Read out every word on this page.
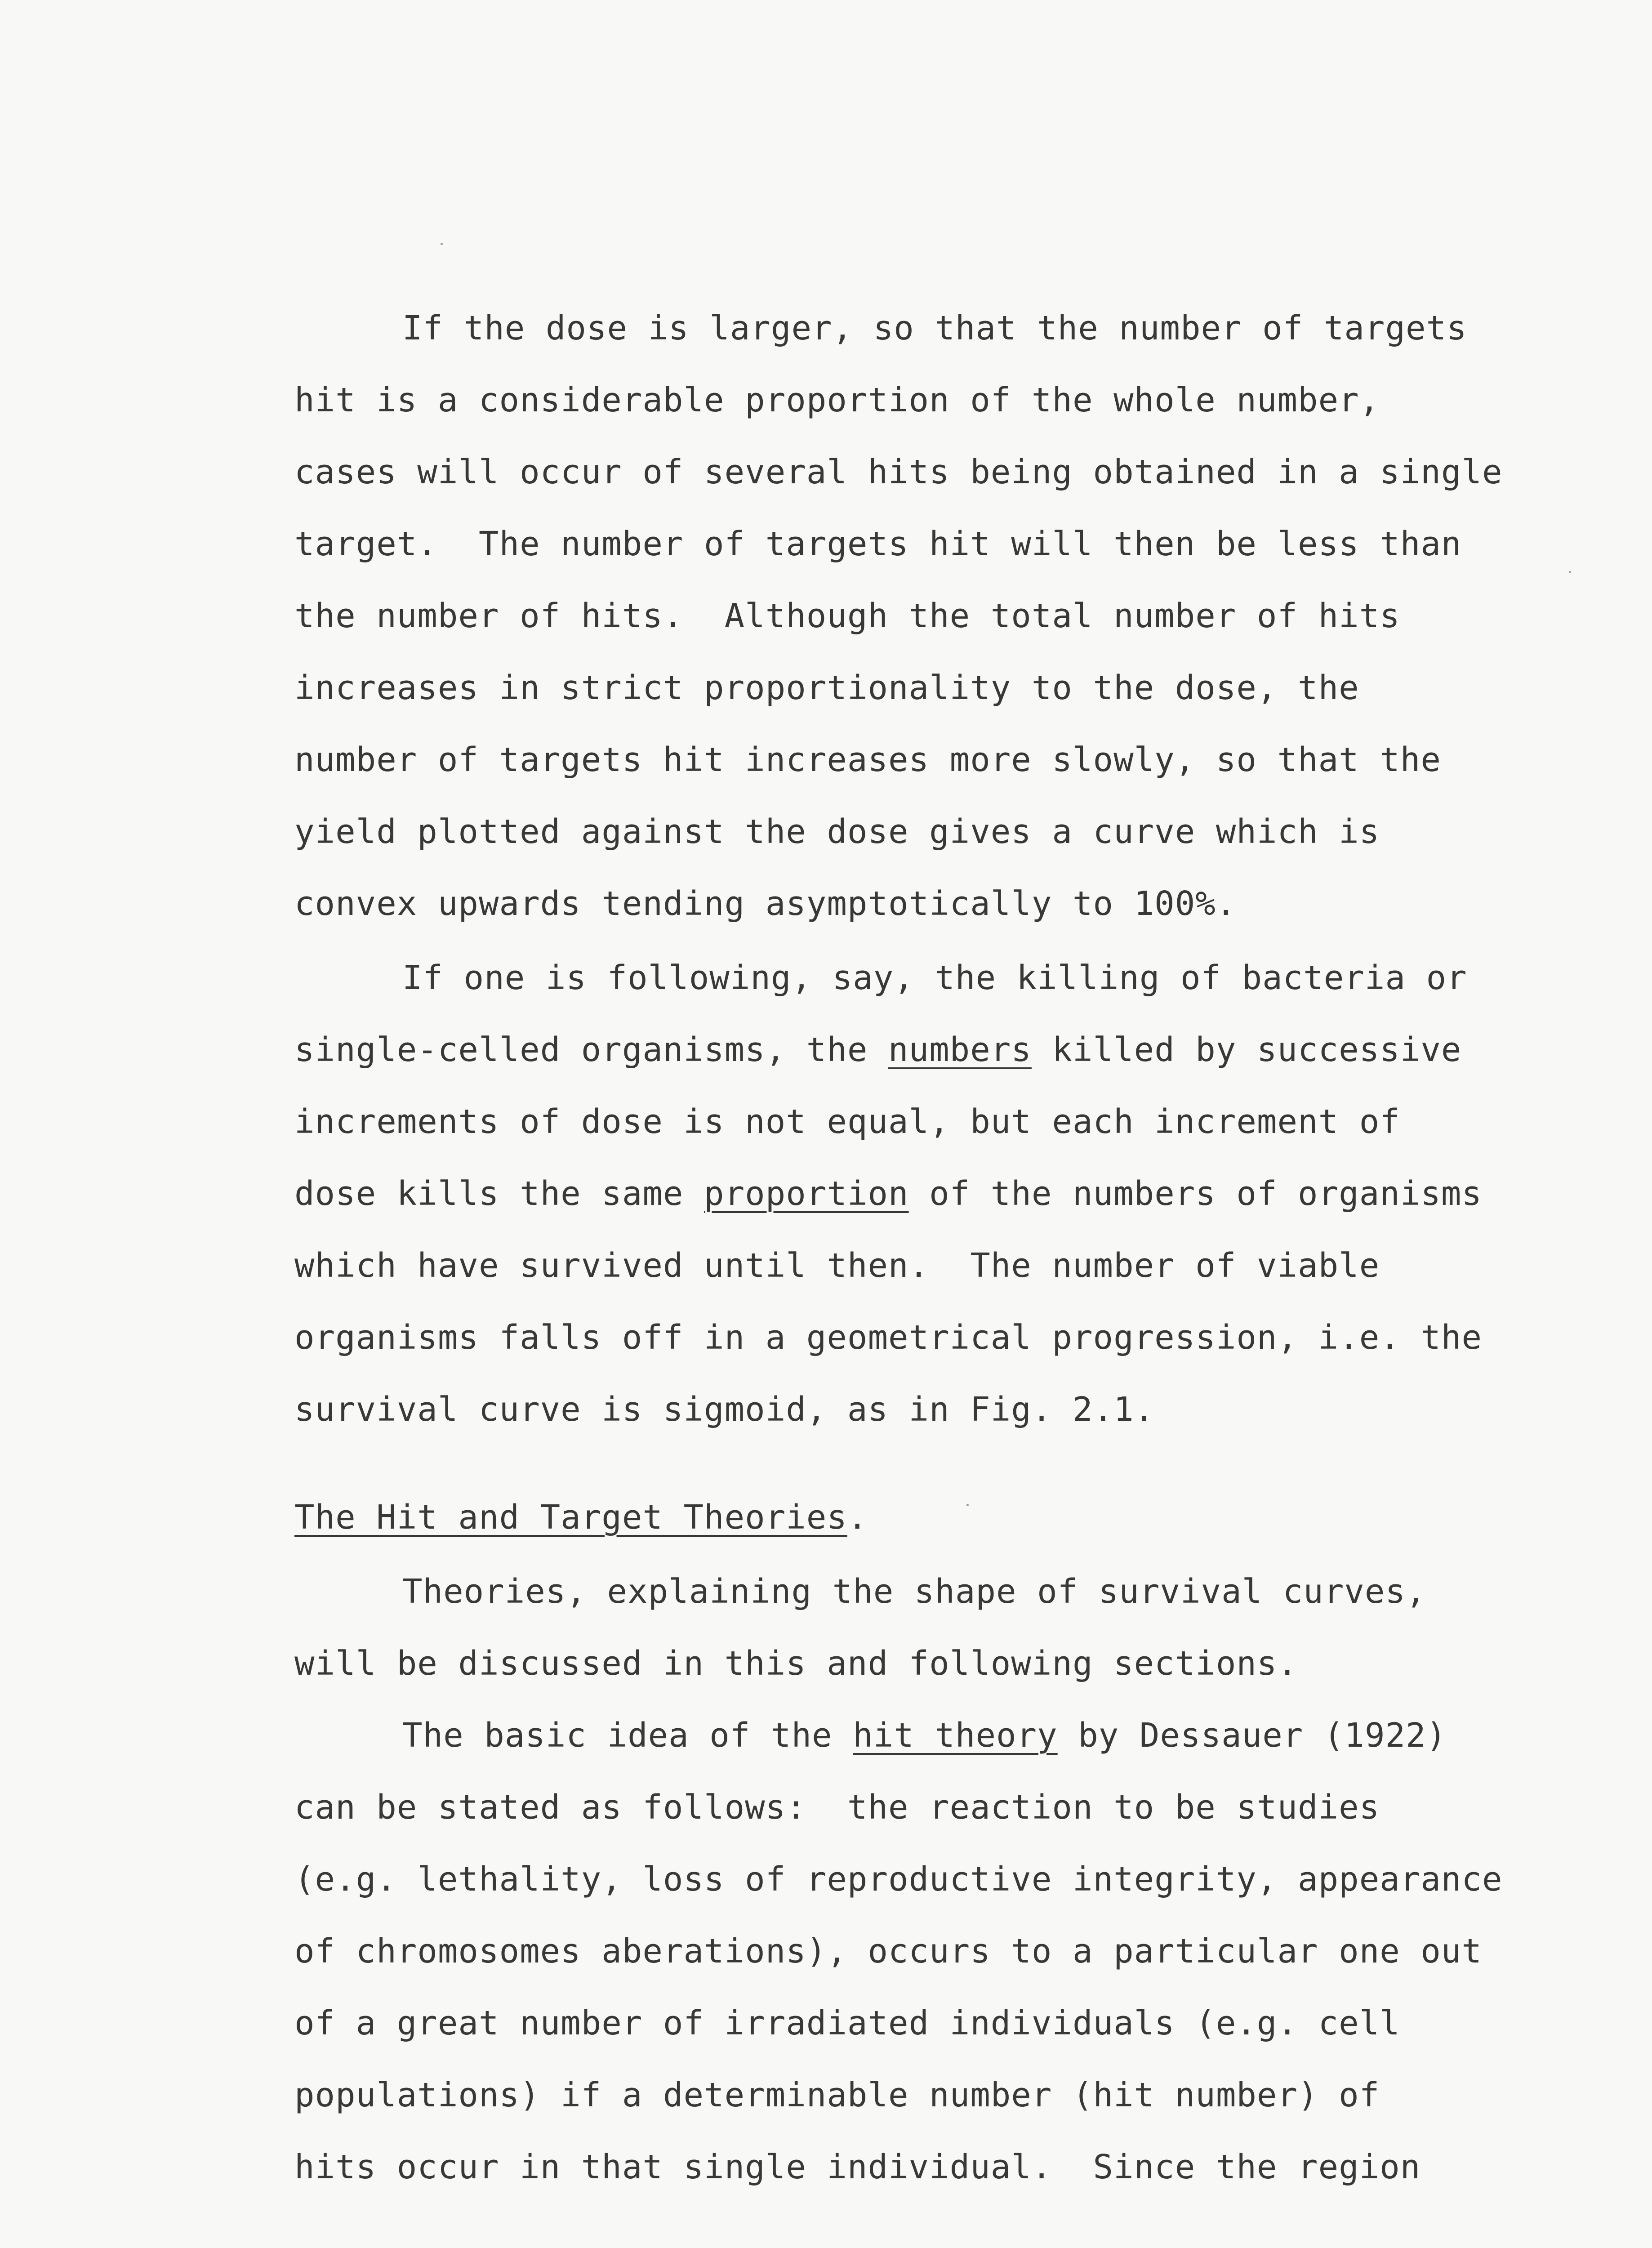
If the dose is larger, so that the number of targets
hit is a considerable proportion of the whole number,
cases will occur of several hits being obtained in a single
target.  The number of targets hit will then be less than
the number of hits.  Although the total number of hits
increases in strict proportionality to the dose, the
number of targets hit increases more slowly, so that the
yield plotted against the dose gives a curve which is
convex upwards tending asymptotically to 100%.
If one is following, say, the killing of bacteria or
single-celled organisms, the numbers killed by successive
increments of dose is not equal, but each increment of
dose kills the same proportion of the numbers of organisms
which have survived until then.  The number of viable
organisms falls off in a geometrical progression, i.e. the
survival curve is sigmoid, as in Fig. 2.1.
The Hit and Target Theories.
Theories, explaining the shape of survival curves,
will be discussed in this and following sections.
The basic idea of the hit theory by Dessauer (1922)
can be stated as follows:  the reaction to be studies
(e.g. lethality, loss of reproductive integrity, appearance
of chromosomes aberations), occurs to a particular one out
of a great number of irradiated individuals (e.g. cell
populations) if a determinable number (hit number) of
hits occur in that single individual.  Since the region
